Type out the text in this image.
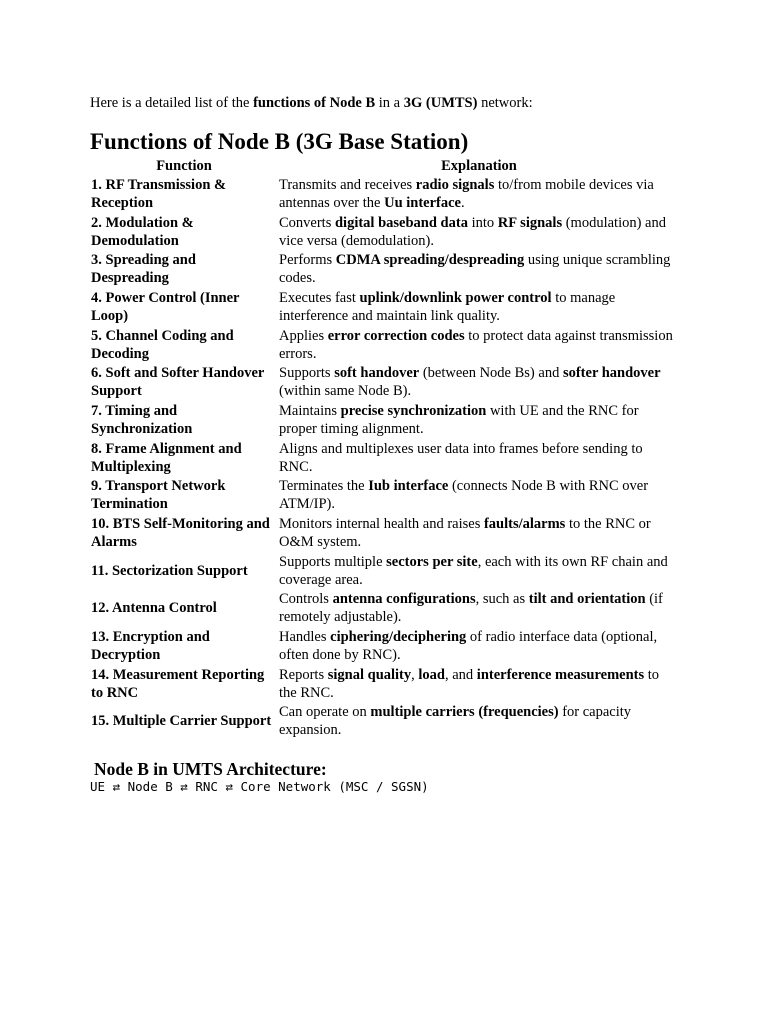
Here is a detailed list of the functions of Node B in a 3G (UMTS) network:
Functions of Node B (3G Base Station)
Function	Explanation
1. RF Transmission & Reception	Transmits and receives radio signals to/from mobile devices via antennas over the Uu interface.
2. Modulation & Demodulation	Converts digital baseband data into RF signals (modulation) and vice versa (demodulation).
3. Spreading and Despreading	Performs CDMA spreading/despreading using unique scrambling codes.
4. Power Control (Inner Loop)	Executes fast uplink/downlink power control to manage interference and maintain link quality.
5. Channel Coding and Decoding	Applies error correction codes to protect data against transmission errors.
6. Soft and Softer Handover Support	Supports soft handover (between Node Bs) and softer handover (within same Node B).
7. Timing and Synchronization	Maintains precise synchronization with UE and the RNC for proper timing alignment.
8. Frame Alignment and Multiplexing	Aligns and multiplexes user data into frames before sending to RNC.
9. Transport Network Termination	Terminates the Iub interface (connects Node B with RNC over ATM/IP).
10. BTS Self-Monitoring and Alarms	Monitors internal health and raises faults/alarms to the RNC or O&M system.
11. Sectorization Support	Supports multiple sectors per site, each with its own RF chain and coverage area.
12. Antenna Control	Controls antenna configurations, such as tilt and orientation (if remotely adjustable).
13. Encryption and Decryption	Handles ciphering/deciphering of radio interface data (optional, often done by RNC).
14. Measurement Reporting to RNC	Reports signal quality, load, and interference measurements to the RNC.
15. Multiple Carrier Support	Can operate on multiple carriers (frequencies) for capacity expansion.
Node B in UMTS Architecture:
UE ⇄ Node B ⇄ RNC ⇄ Core Network (MSC / SGSN)
